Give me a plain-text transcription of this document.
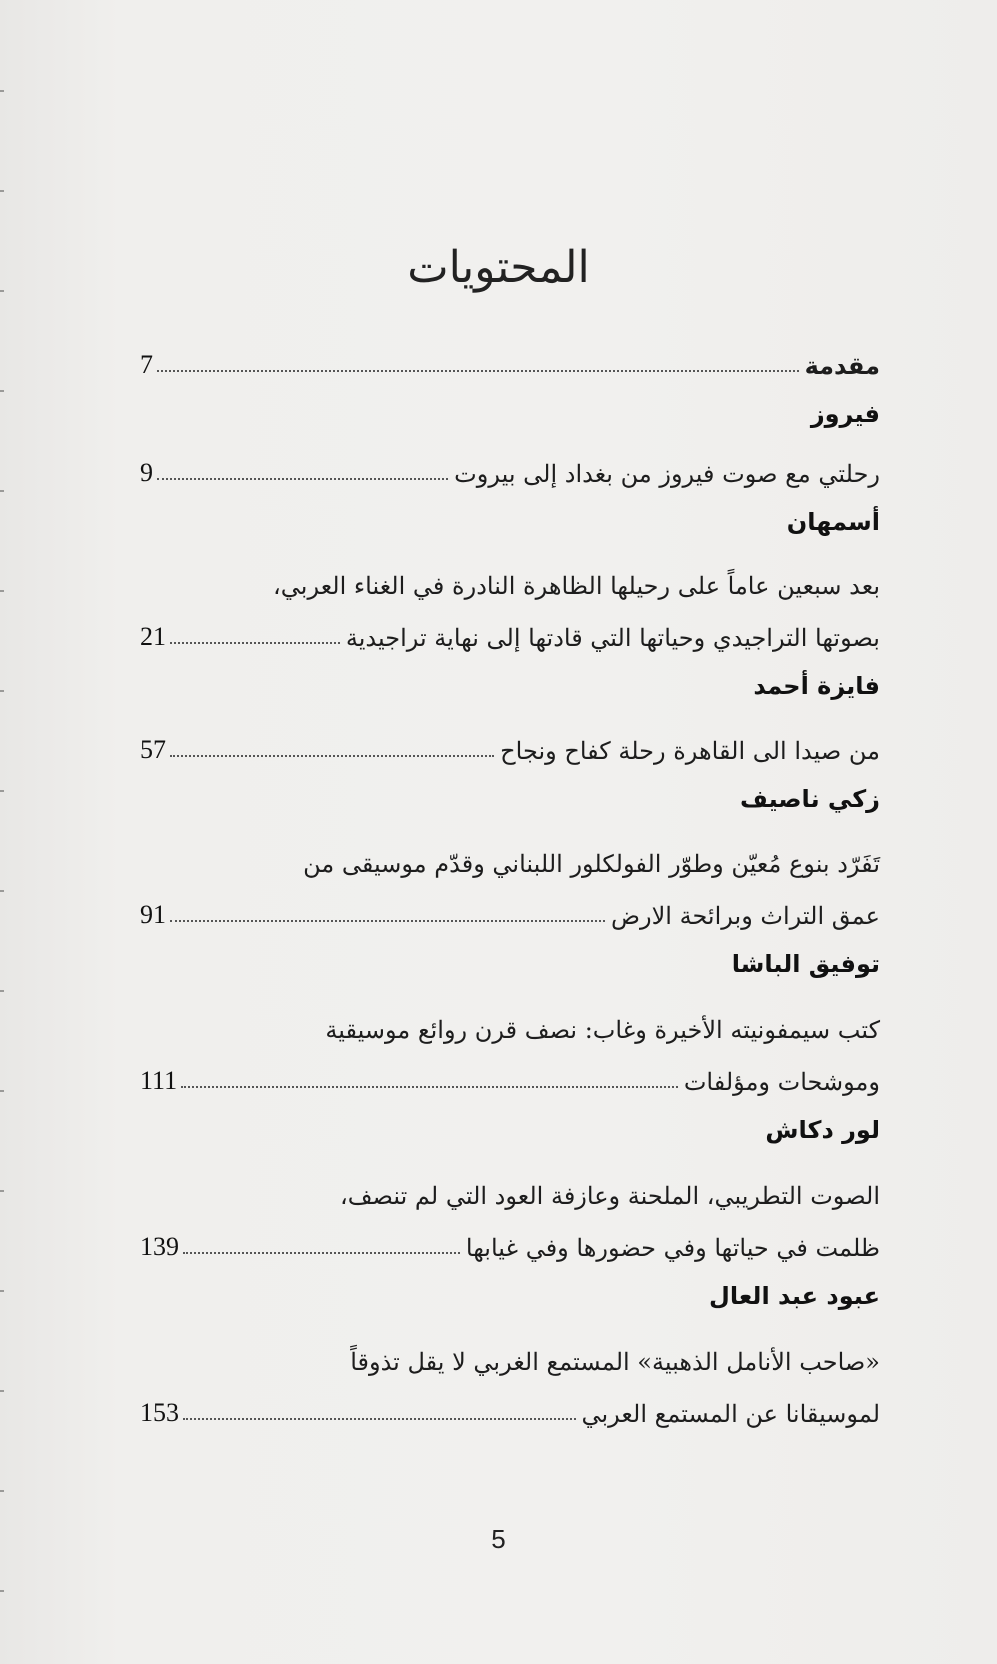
المحتويات
مقدمة
7
فيروز
رحلتي مع صوت فيروز من بغداد إلى بيروت
9
أسمهان
بعد سبعين عاماً على رحيلها الظاهرة النادرة في الغناء العربي،
بصوتها التراجيدي وحياتها التي قادتها إلى نهاية تراجيدية
21
فايزة أحمد
من صيدا الى القاهرة رحلة كفاح ونجاح
57
زكي ناصيف
تَفَرّد بنوع مُعيّن وطوّر الفولكلور اللبناني وقدّم موسيقى من
عمق التراث وبرائحة الارض
91
توفيق الباشا
كتب سيمفونيته الأخيرة وغاب: نصف قرن روائع موسيقية
وموشحات ومؤلفات
111
لور دكاش
الصوت التطريبي، الملحنة وعازفة العود التي لم تنصف،
ظلمت في حياتها وفي حضورها وفي غيابها
139
عبود عبد العال
«صاحب الأنامل الذهبية» المستمع الغربي لا يقل تذوقاً
لموسيقانا عن المستمع العربي
153
5
